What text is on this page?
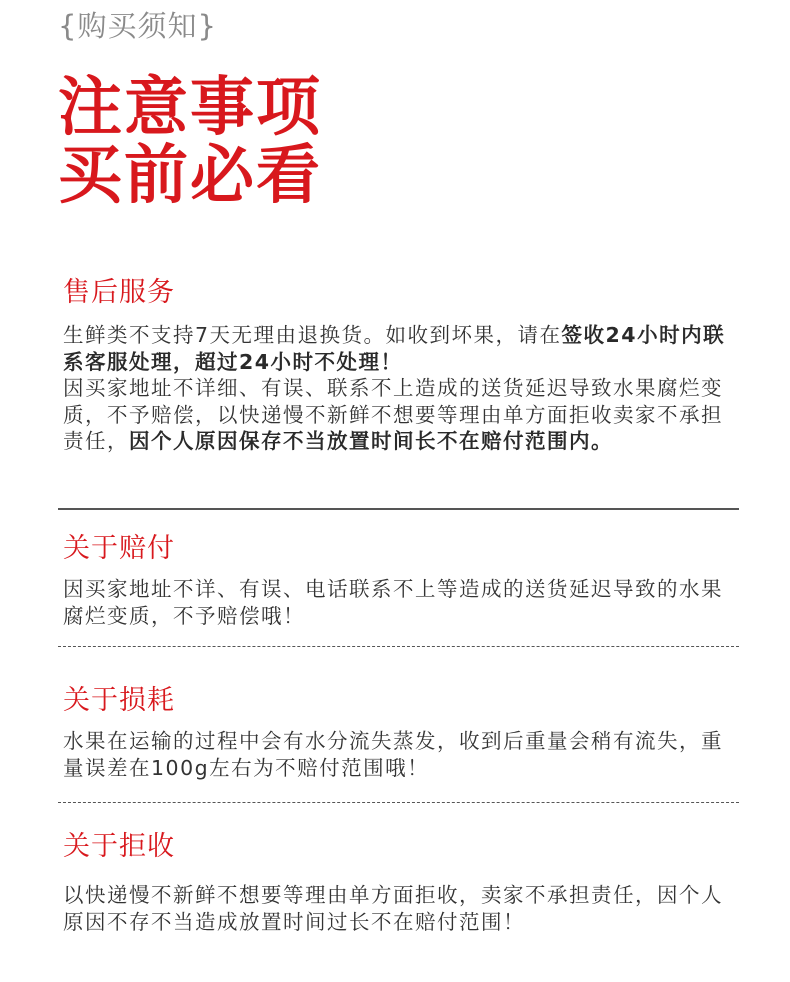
{购买须知}
注意事项
买前必看
售后服务

生鲜类不支持7天无理由退换货。如收到坏果，请在签收24小时内联系客服处理，超过24小时不处理！
因买家地址不详细、有误、联系不上造成的送货延迟导致水果腐烂变质，不予赔偿，以快递慢不新鲜不想要等理由单方面拒收卖家不承担责任，因个人原因保存不当放置时间长不在赔付范围内。

关于赔付

因买家地址不详、有误、电话联系不上等造成的送货延迟导致的水果腐烂变质，不予赔偿哦！

关于损耗

水果在运输的过程中会有水分流失蒸发，收到后重量会稍有流失，重量误差在100g左右为不赔付范围哦！

关于拒收

以快递慢不新鲜不想要等理由单方面拒收，卖家不承担责任，因个人原因不存不当造成放置时间过长不在赔付范围！
